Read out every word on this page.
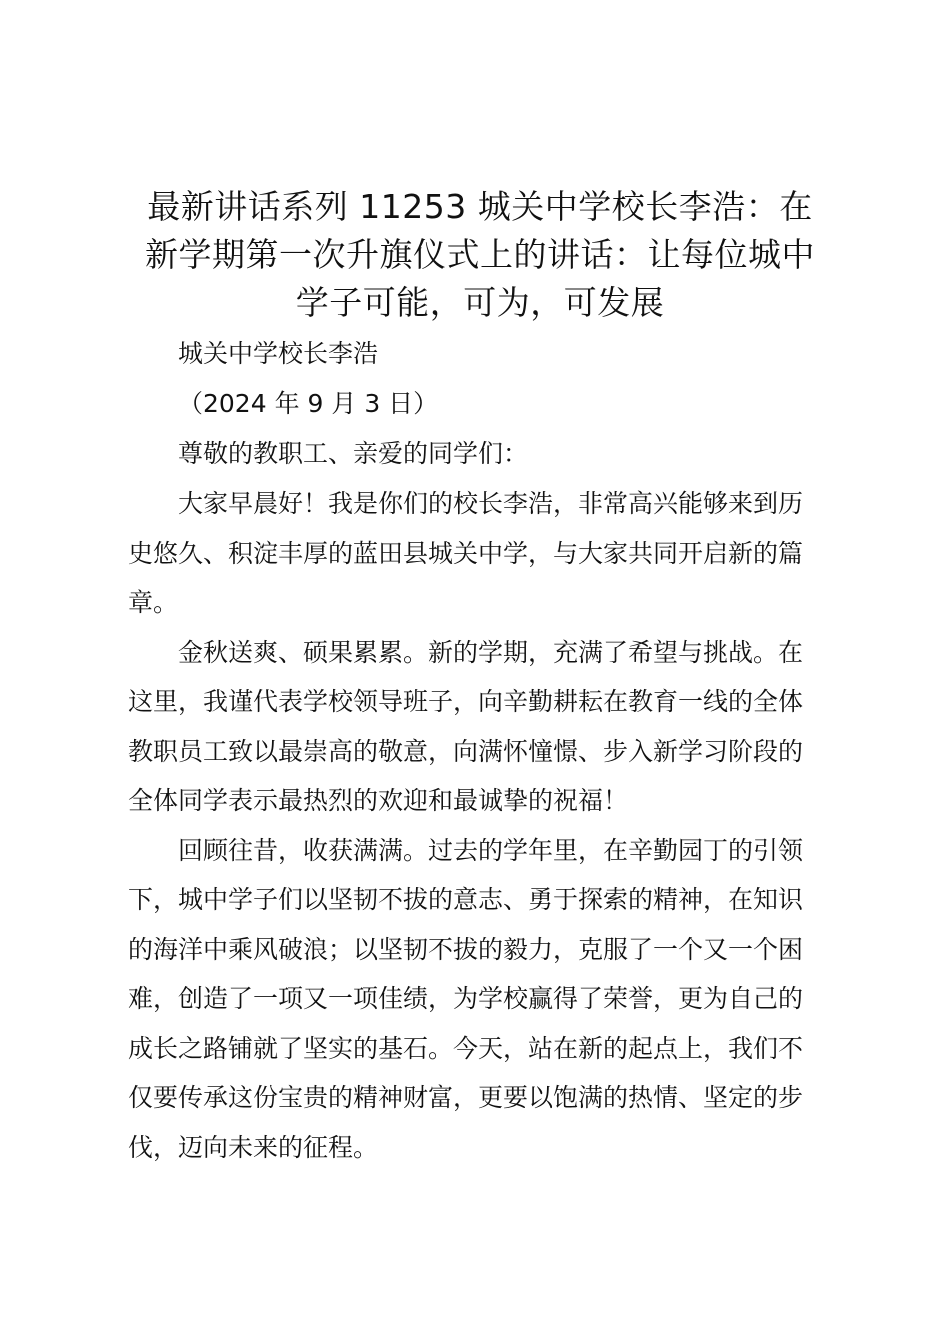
最新讲话系列 11253 城关中学校长李浩：在
新学期第一次升旗仪式上的讲话：让每位城中
学子可能，可为，可发展

城关中学校长李浩

（2024 年 9 月 3 日）

尊敬的教职工、亲爱的同学们：

大家早晨好！我是你们的校长李浩，非常高兴能够来到历
史悠久、积淀丰厚的蓝田县城关中学，与大家共同开启新的篇
章。
金秋送爽、硕果累累。新的学期，充满了希望与挑战。在
这里，我谨代表学校领导班子，向辛勤耕耘在教育一线的全体
教职员工致以最崇高的敬意，向满怀憧憬、步入新学习阶段的
全体同学表示最热烈的欢迎和最诚挚的祝福！
回顾往昔，收获满满。过去的学年里，在辛勤园丁的引领
下，城中学子们以坚韧不拔的意志、勇于探索的精神，在知识
的海洋中乘风破浪；以坚韧不拔的毅力，克服了一个又一个困
难，创造了一项又一项佳绩，为学校赢得了荣誉，更为自己的
成长之路铺就了坚实的基石。今天，站在新的起点上，我们不
仅要传承这份宝贵的精神财富，更要以饱满的热情、坚定的步
伐，迈向未来的征程。
